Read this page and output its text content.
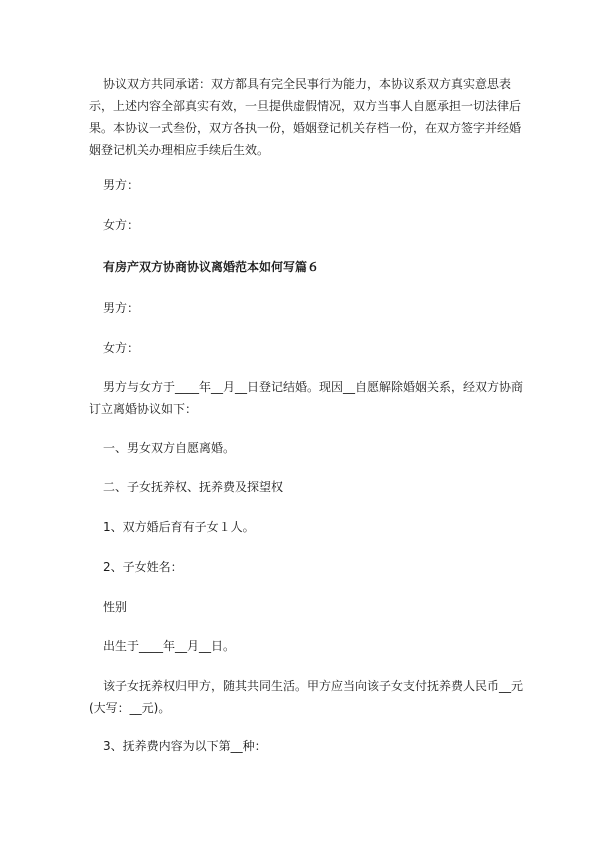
协议双方共同承诺：双方都具有完全民事行为能力，本协议系双方真实意思表示，上述内容全部真实有效，一旦提供虚假情况，双方当事人自愿承担一切法律后果。本协议一式叁份，双方各执一份，婚姻登记机关存档一份，在双方签字并经婚姻登记机关办理相应手续后生效。

男方：

女方：

有房产双方协商协议离婚范本如何写篇６

男方：

女方：

男方与女方于____年__月__日登记结婚。现因__自愿解除婚姻关系，经双方协商订立离婚协议如下：

一、男女双方自愿离婚。

二、子女抚养权、抚养费及探望权

1、双方婚后育有子女１人。

2、子女姓名：

性别

出生于____年__月__日。

该子女抚养权归甲方，随其共同生活。甲方应当向该子女支付抚养费人民币__元(大写：__元)。

3、抚养费内容为以下第__种：
